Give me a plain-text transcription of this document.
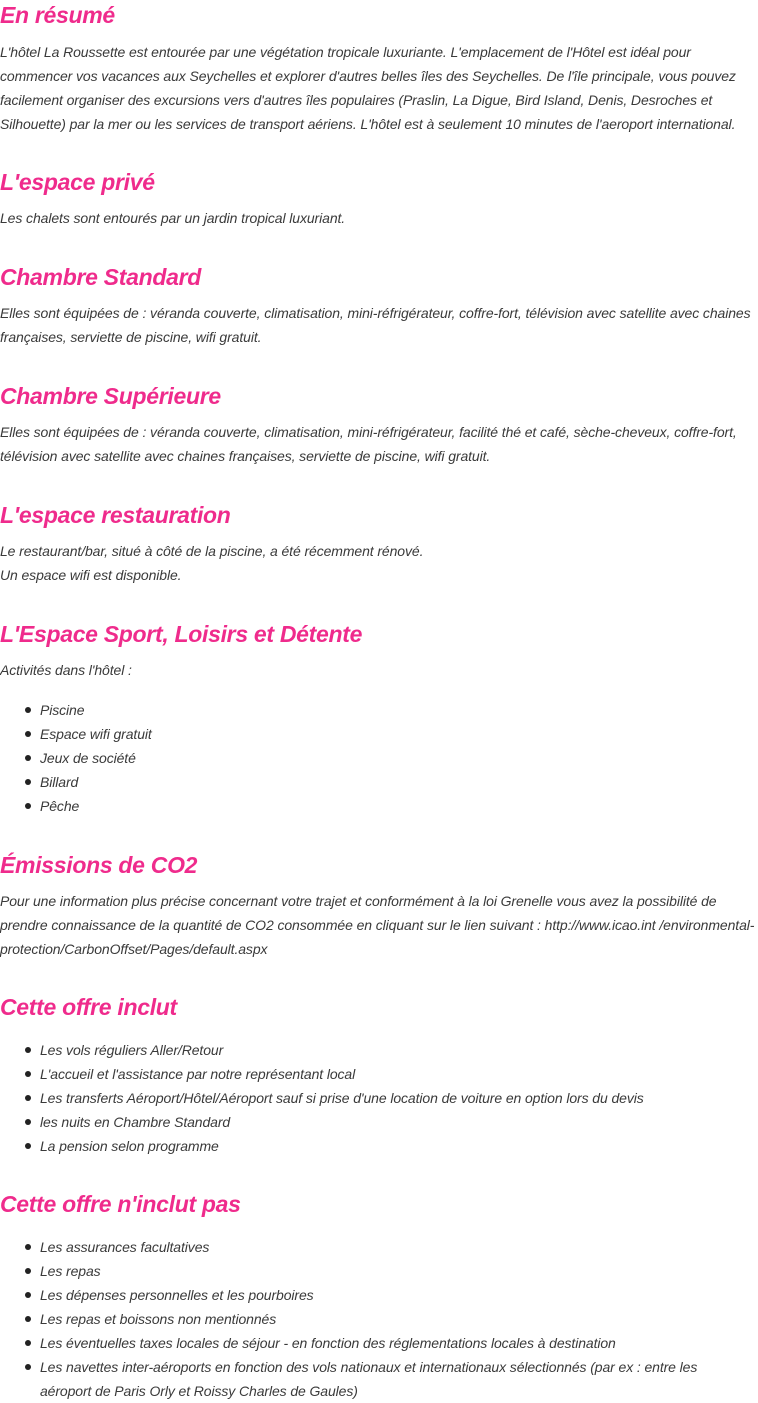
En résumé

L'hôtel La Roussette est entourée par une végétation tropicale luxuriante. L'emplacement de l'Hôtel est idéal pour commencer vos vacances aux Seychelles et explorer d'autres belles îles des Seychelles. De l'île principale, vous pouvez facilement organiser des excursions vers d'autres îles populaires (Praslin, La Digue, Bird Island, Denis, Desroches et Silhouette) par la mer ou les services de transport aériens. L'hôtel est à seulement 10 minutes de l'aeroport international.

L'espace privé

Les chalets sont entourés par un jardin tropical luxuriant.

Chambre Standard

Elles sont équipées de : véranda couverte, climatisation, mini-réfrigérateur, coffre-fort, télévision avec satellite avec chaines françaises, serviette de piscine, wifi gratuit.

Chambre Supérieure

Elles sont équipées de : véranda couverte, climatisation, mini-réfrigérateur, facilité thé et café, sèche-cheveux, coffre-fort, télévision avec satellite avec chaines françaises, serviette de piscine, wifi gratuit.

L'espace restauration

Le restaurant/bar, situé à côté de la piscine, a été récemment rénové.

Un espace wifi est disponible.

L'Espace Sport, Loisirs et Détente

Activités dans l'hôtel :

Piscine
Espace wifi gratuit
Jeux de société
Billard
Pêche
Émissions de CO2

Pour une information plus précise concernant votre trajet et conformément à la loi Grenelle vous avez la possibilité de prendre connaissance de la quantité de CO2 consommée en cliquant sur le lien suivant : http://www.icao.int /environmental-protection/CarbonOffset/Pages/default.aspx

Cette offre inclut
Les vols réguliers Aller/Retour
L'accueil et l'assistance par notre représentant local
Les transferts Aéroport/Hôtel/Aéroport sauf si prise d'une location de voiture en option lors du devis
les nuits en Chambre Standard
La pension selon programme
Cette offre n'inclut pas
Les assurances facultatives
Les repas
Les dépenses personnelles et les pourboires
Les repas et boissons non mentionnés
Les éventuelles taxes locales de séjour - en fonction des réglementations locales à destination
Les navettes inter-aéroports en fonction des vols nationaux et internationaux sélectionnés (par ex : entre les aéroport de Paris Orly et Roissy Charles de Gaules)
